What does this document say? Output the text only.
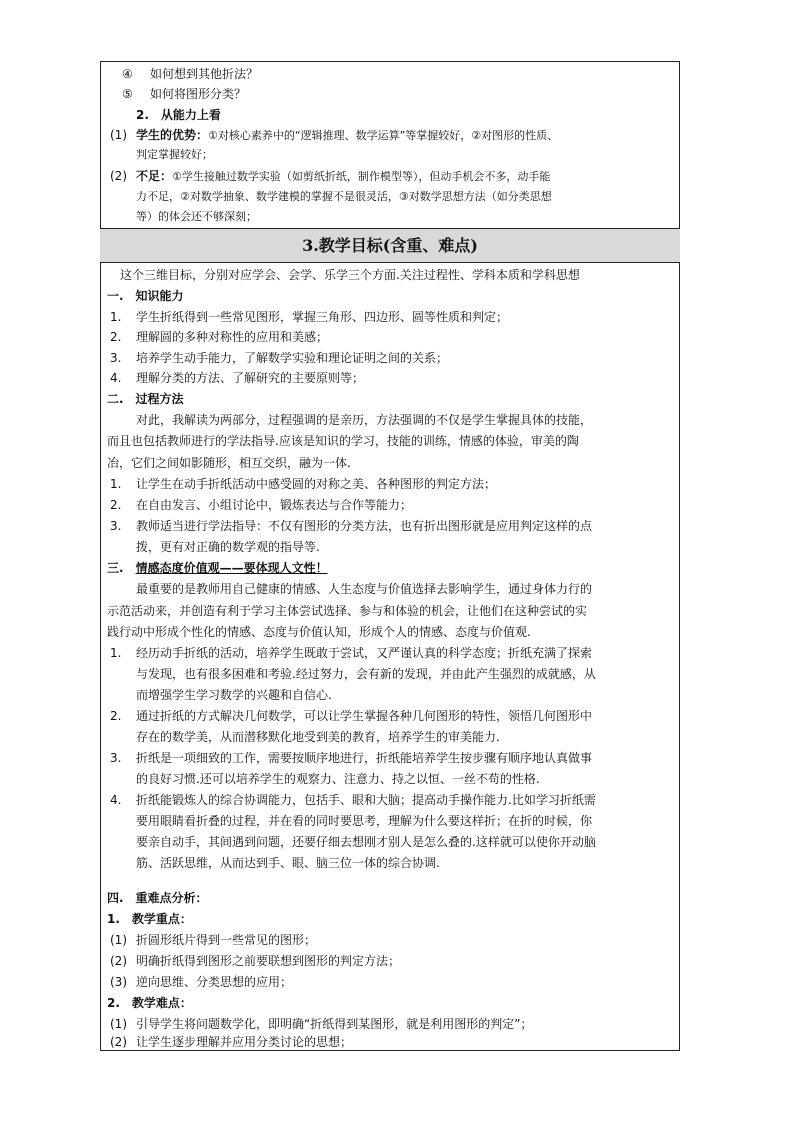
④ 如何想到其他折法？
⑤ 如何将图形分类？
2.　从能力上看
(1) 学生的优势：①对核心素养中的“逻辑推理、数学运算”等掌握较好，②对图形的性质、
判定掌握较好；
(2) 不足：①学生接触过数学实验（如剪纸折纸，制作模型等），但动手机会不多，动手能
力不足，②对数学抽象、数学建模的掌握不是很灵活，③对数学思想方法（如分类思想
等）的体会还不够深刻；
3.教学目标(含重、难点)
这个三维目标，分别对应学会、会学、乐学三个方面.关注过程性、学科本质和学科思想
一.　知识能力
1. 学生折纸得到一些常见图形，掌握三角形、四边形、圆等性质和判定；
2. 理解圆的多种对称性的应用和美感；
3. 培养学生动手能力，了解数学实验和理论证明之间的关系；
4. 理解分类的方法、了解研究的主要原则等；
二.　过程方法
对此，我解读为两部分，过程强调的是亲历，方法强调的不仅是学生掌握具体的技能，
而且也包括教师进行的学法指导.应该是知识的学习，技能的训练，情感的体验，审美的陶
冶，它们之间如影随形，相互交织，融为一体.
1. 让学生在动手折纸活动中感受圆的对称之美、各种图形的判定方法；
2. 在自由发言、小组讨论中，锻炼表达与合作等能力；
3. 教师适当进行学法指导：不仅有图形的分类方法，也有折出图形就是应用判定这样的点
拨，更有对正确的数学观的指导等.
三.　情感态度价值观——要体现人文性！
最重要的是教师用自己健康的情感、人生态度与价值选择去影响学生，通过身体力行的
示范活动来，并创造有利于学习主体尝试选择、参与和体验的机会，让他们在这种尝试的实
践行动中形成个性化的情感、态度与价值认知，形成个人的情感、态度与价值观.
1. 经历动手折纸的活动，培养学生既敢于尝试，又严谨认真的科学态度；折纸充满了探索
与发现，也有很多困难和考验.经过努力，会有新的发现，并由此产生强烈的成就感，从
而增强学生学习数学的兴趣和自信心.
2. 通过折纸的方式解决几何数学，可以让学生掌握各种几何图形的特性，领悟几何图形中
存在的数学美，从而潜移默化地受到美的教育，培养学生的审美能力.
3. 折纸是一项细致的工作，需要按顺序地进行，折纸能培养学生按步骤有顺序地认真做事
的良好习惯.还可以培养学生的观察力、注意力、持之以恒、一丝不苟的性格.
4. 折纸能锻炼人的综合协调能力，包括手、眼和大脑；提高动手操作能力.比如学习折纸需
要用眼睛看折叠的过程，并在看的同时要思考，理解为什么要这样折；在折的时候，你
要亲自动手，其间遇到问题，还要仔细去想刚才别人是怎么叠的.这样就可以使你开动脑
筋、活跃思维，从而达到手、眼、脑三位一体的综合协调.
四.　重难点分析：
1.　教学重点：
(1) 折圆形纸片得到一些常见的图形；
(2) 明确折纸得到图形之前要联想到图形的判定方法；
(3) 逆向思维、分类思想的应用；
2.　教学难点：
(1) 引导学生将问题数学化，即明确“折纸得到某图形，就是利用图形的判定”；
(2) 让学生逐步理解并应用分类讨论的思想；
